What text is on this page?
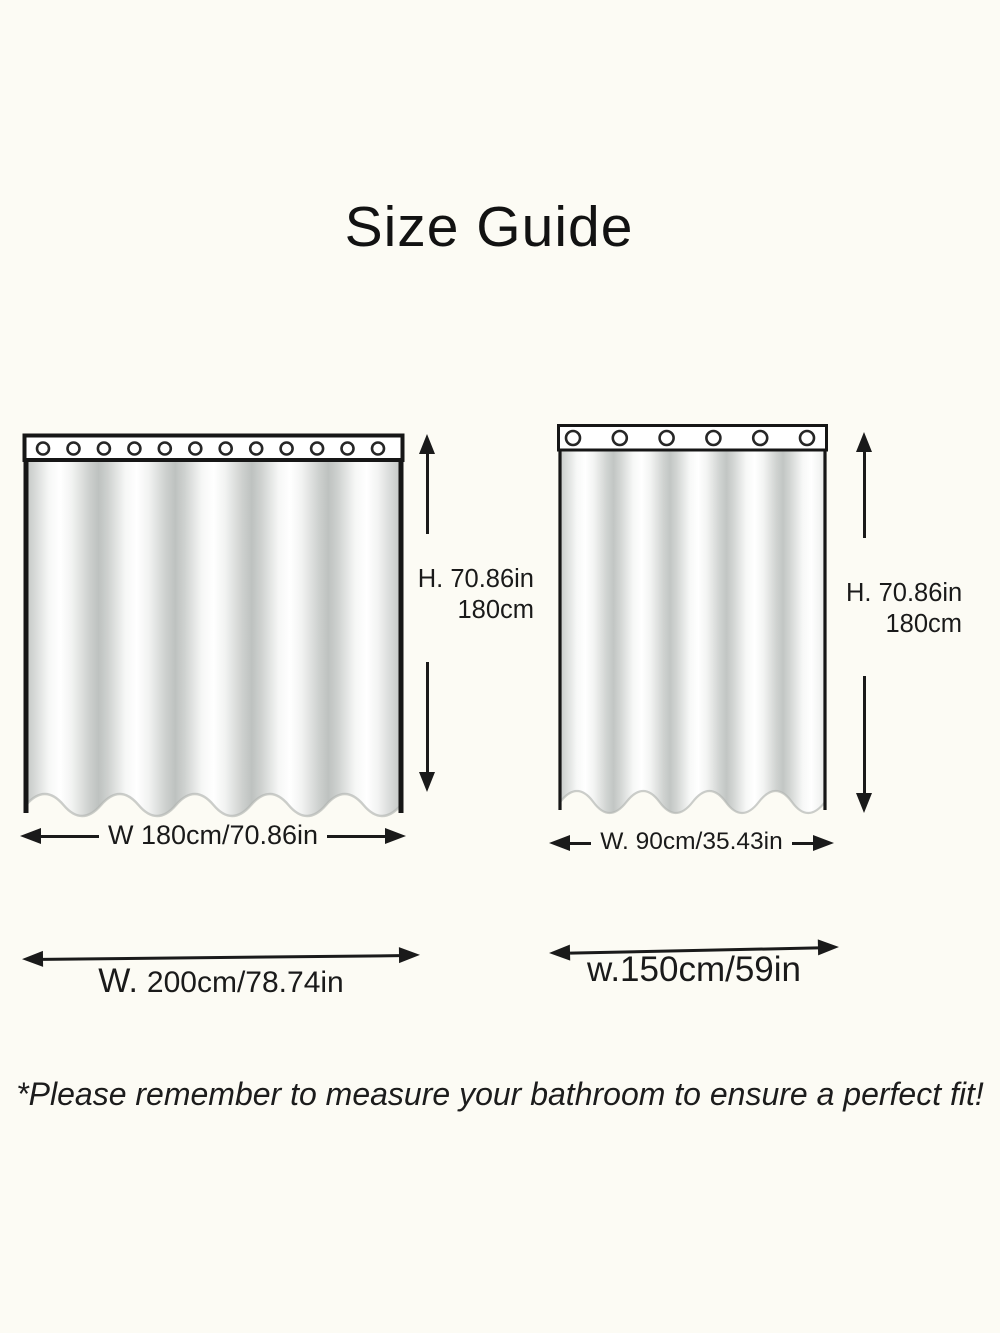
Size Guide
H. 70.86in
180cm
W 180cm/70.86in
H. 70.86in
180cm
W. 90cm/35.43in
W. 200cm/78.74in	w.150cm/59in
*Please remember to measure your bathroom to ensure a perfect fit!
